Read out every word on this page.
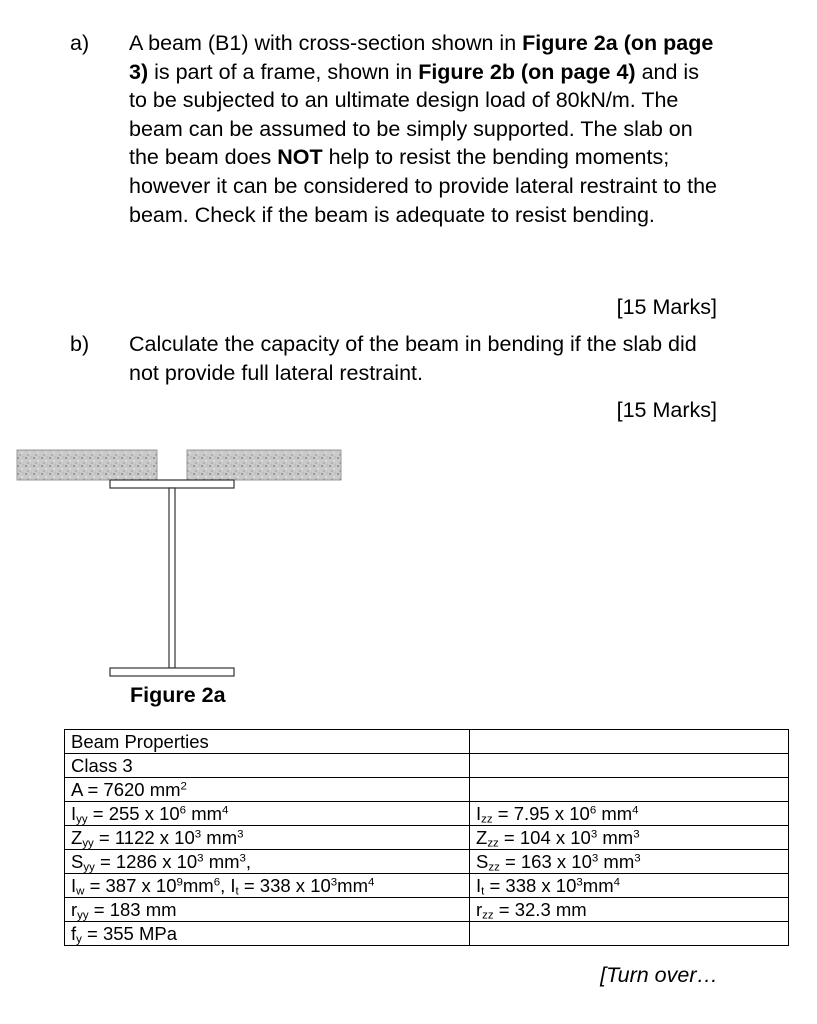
a) A beam (B1) with cross-section shown in Figure 2a (on page 3) is part of a frame, shown in Figure 2b (on page 4) and is to be subjected to an ultimate design load of 80kN/m. The beam can be assumed to be simply supported. The slab on the beam does NOT help to resist the bending moments; however it can be considered to provide lateral restraint to the beam. Check if the beam is adequate to resist bending.
[15 Marks]
b) Calculate the capacity of the beam in bending if the slab did not provide full lateral restraint.
[15 Marks]
Figure 2a
Beam Properties	
Class 3	
A = 7620 $mm^2$	
$I_{yy} = 255$ x $10^6$ $mm^4$	$I_{zz} = 7.95$ x $10^6$ $mm^4$
$Z_{yy} = 1122$ x $10^3$ $mm^3$	$Z_{zz} = 104$ x $10^3$ $mm^3$
$S_{yy} = 1286$ x $10^3$ $mm^3$,	$S_{zz} = 163$ x $10^3$ $mm^3$
$I_w = 387$ x $10^9mm^6$, $I_t = 338$ x $10^3mm^4$	$I_t = 338$ x $10^3mm^4$
$r_{yy} = 183$ mm	$r_{zz} = 32.3$ mm
$f_y = 355$ MPa	
[Turn over…
